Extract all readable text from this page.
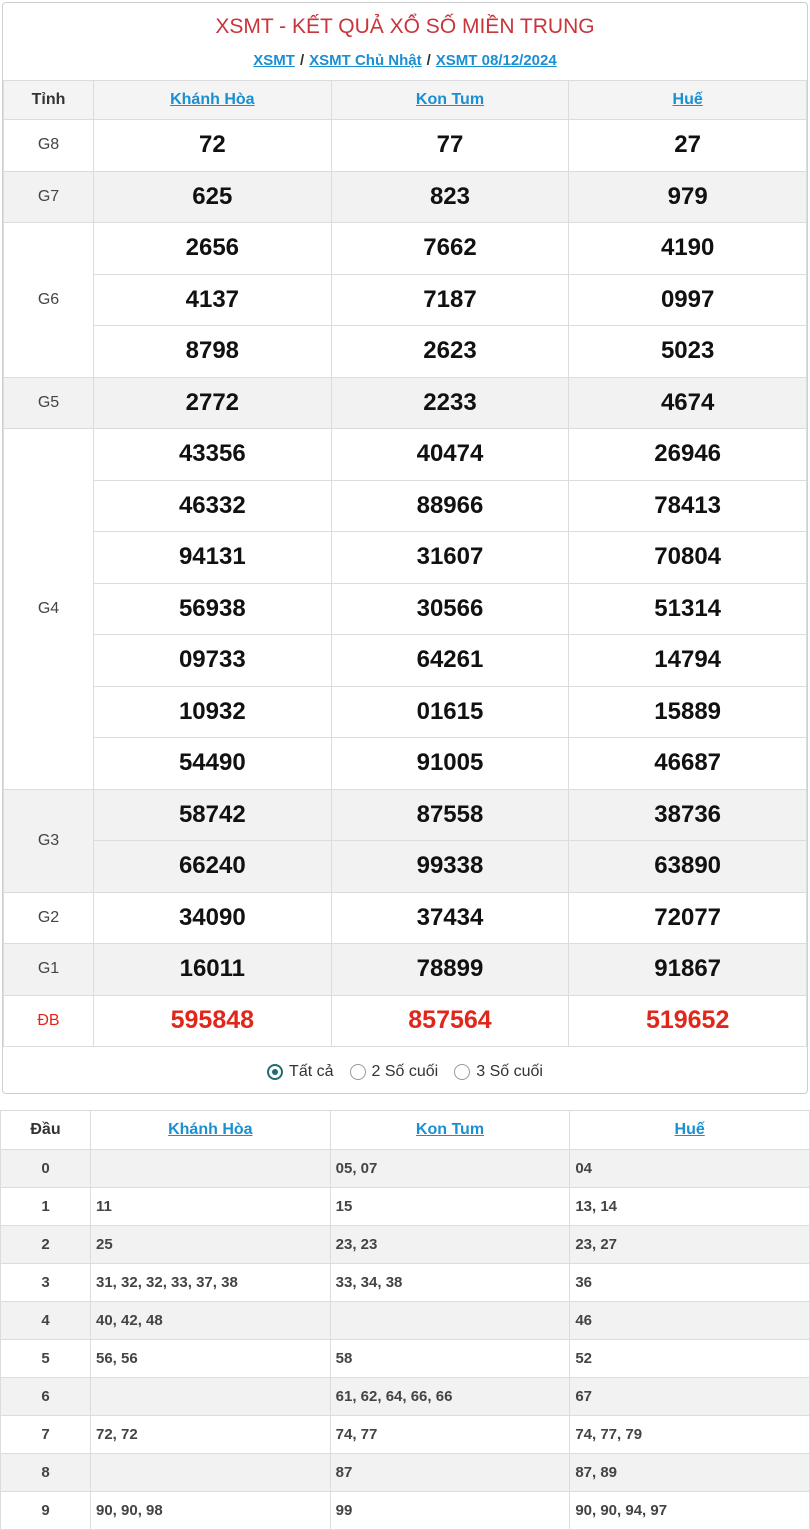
XSMT - KẾT QUẢ XỔ SỐ MIỀN TRUNG
XSMT / XSMT Chủ Nhật / XSMT 08/12/2024
Tỉnh	Khánh Hòa	Kon Tum	Huế
G8	72	77	27
G7	625	823	979
G6	2656	7662	4190
	4137	7187	0997
	8798	2623	5023
G5	2772	2233	4674
G4	43356	40474	26946
	46332	88966	78413
	94131	31607	70804
	56938	30566	51314
	09733	64261	14794
	10932	01615	15889
	54490	91005	46687
G3	58742	87558	38736
	66240	99338	63890
G2	34090	37434	72077
G1	16011	78899	91867
ĐB	595848	857564	519652
Tất cả 2 Số cuối 3 Số cuối
Đầu	Khánh Hòa	Kon Tum	Huế
0		05, 07	04
1	11	15	13, 14
2	25	23, 23	23, 27
3	31, 32, 32, 33, 37, 38	33, 34, 38	36
4	40, 42, 48		46
5	56, 56	58	52
6		61, 62, 64, 66, 66	67
7	72, 72	74, 77	74, 77, 79
8		87	87, 89
9	90, 90, 98	99	90, 90, 94, 97
